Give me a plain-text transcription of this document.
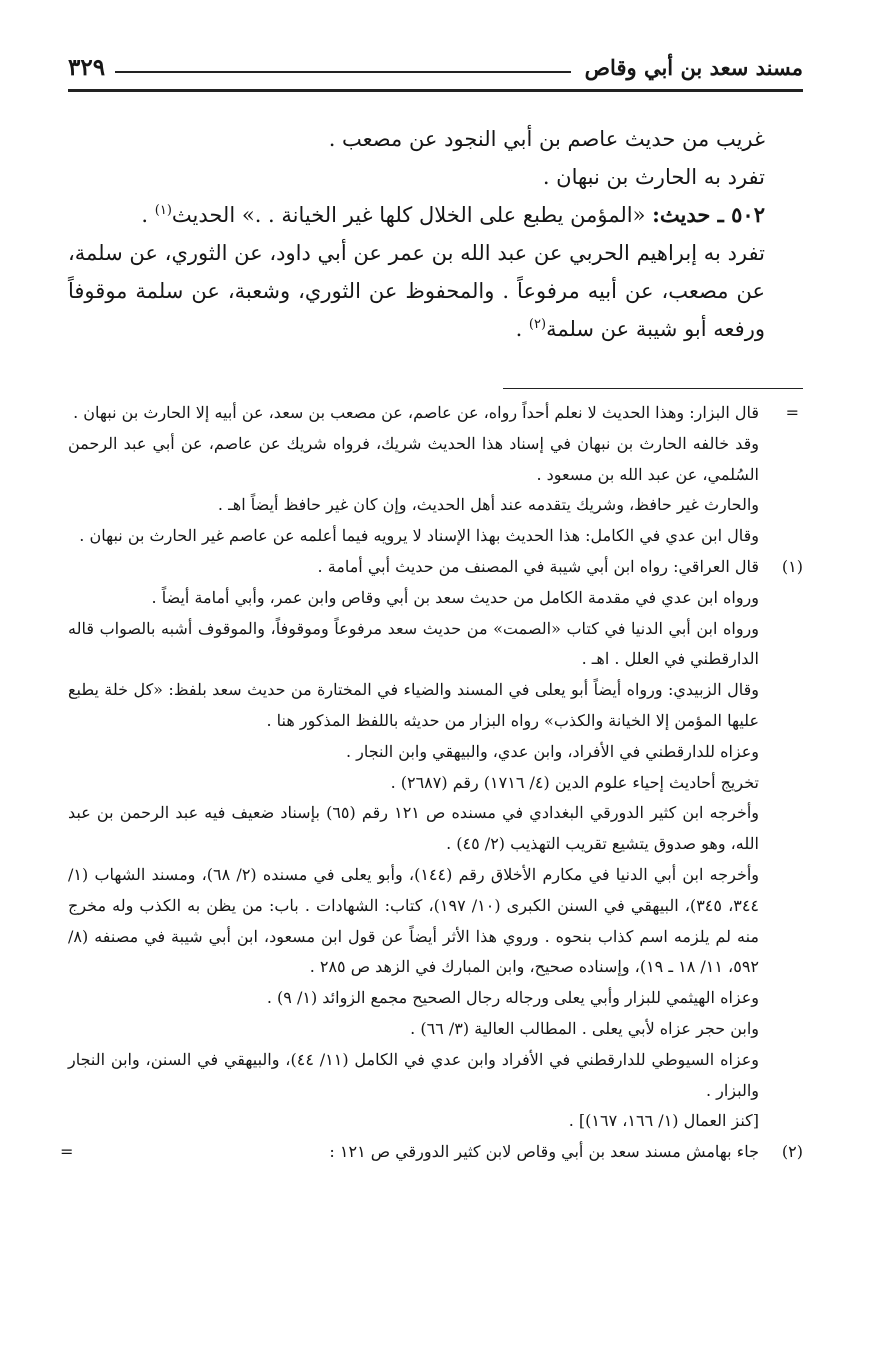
مسند سعد بن أبي وقاص
٣٢٩

غريب من حديث عاصم بن أبي النجود عن مصعب .

تفرد به الحارث بن نبهان .

٥٠٢ ـ حديث: «المؤمن يطبع على الخلال كلها غير الخيانة . .» الحديث$^{(١)}$ .

تفرد به إبراهيم الحربي عن عبد الله بن عمر عن أبي داود، عن الثوري، عن سلمة، عن مصعب، عن أبيه مرفوعاً . والمحفوظ عن الثوري، وشعبة، عن سلمة موقوفاً ورفعه أبو شيبة عن سلمة$^{(٢)}$ .

=

قال البزار: وهذا الحديث لا نعلم أحداً رواه، عن عاصم، عن مصعب بن سعد، عن أبيه إلا الحارث بن نبهان .

وقد خالفه الحارث بن نبهان في إسناد هذا الحديث شريك، فرواه شريك عن عاصم، عن أبي عبد الرحمن السُلمي، عن عبد الله بن مسعود .

والحارث غير حافظ، وشريك يتقدمه عند أهل الحديث، وإن كان غير حافظ أيضاً اهـ .

وقال ابن عدي في الكامل: هذا الحديث بهذا الإسناد لا يرويه فيما أعلمه عن عاصم غير الحارث بن نبهان .

(١)

قال العراقي: رواه ابن أبي شيبة في المصنف من حديث أبي أمامة .

ورواه ابن عدي في مقدمة الكامل من حديث سعد بن أبي وقاص وابن عمر، وأبي أمامة أيضاً .

ورواه ابن أبي الدنيا في كتاب «الصمت» من حديث سعد مرفوعاً وموقوفاً، والموقوف أشبه بالصواب قاله الدارقطني في العلل . اهـ .

وقال الزبيدي: ورواه أيضاً أبو يعلى في المسند والضياء في المختارة من حديث سعد بلفظ: «كل خلة يطبع عليها المؤمن إلا الخيانة والكذب» رواه البزار من حديثه باللفظ المذكور هنا .

وعزاه للدارقطني في الأفراد، وابن عدي، والبيهقي وابن النجار .

تخريج أحاديث إحياء علوم الدين (٤/ ١٧١٦) رقم (٢٦٨٧) .

وأخرجه ابن كثير الدورقي البغدادي في مسنده ص ١٢١ رقم (٦٥) بإسناد ضعيف فيه عبد الرحمن بن عبد الله، وهو صدوق يتشيع تقريب التهذيب (٢/ ٤٥) .

وأخرجه ابن أبي الدنيا في مكارم الأخلاق رقم (١٤٤)، وأبو يعلى في مسنده (٢/ ٦٨)، ومسند الشهاب (١/ ٣٤٤، ٣٤٥)، البيهقي في السنن الكبرى (١٠/ ١٩٧)، كتاب: الشهادات . باب: من يظن به الكذب وله مخرج منه لم يلزمه اسم كذاب بنحوه . وروي هذا الأثر أيضاً عن قول ابن مسعود، ابن أبي شيبة في مصنفه (٨/ ٥٩٢، ١١/ ١٨ ـ ١٩)، وإسناده صحيح، وابن المبارك في الزهد ص ٢٨٥ .

وعزاه الهيثمي للبزار وأبي يعلى ورجاله رجال الصحيح مجمع الزوائد (١/ ٩) .

وابن حجر عزاه لأبي يعلى . المطالب العالية (٣/ ٦٦) .

وعزاه السيوطي للدارقطني في الأفراد وابن عدي في الكامل (١١/ ٤٤)، والبيهقي في السنن، وابن النجار والبزار .

[كنز العمال (١/ ١٦٦، ١٦٧)] .

(٢)

جاء بهامش مسند سعد بن أبي وقاص لابن كثير الدورقي ص ١٢١ :

=
